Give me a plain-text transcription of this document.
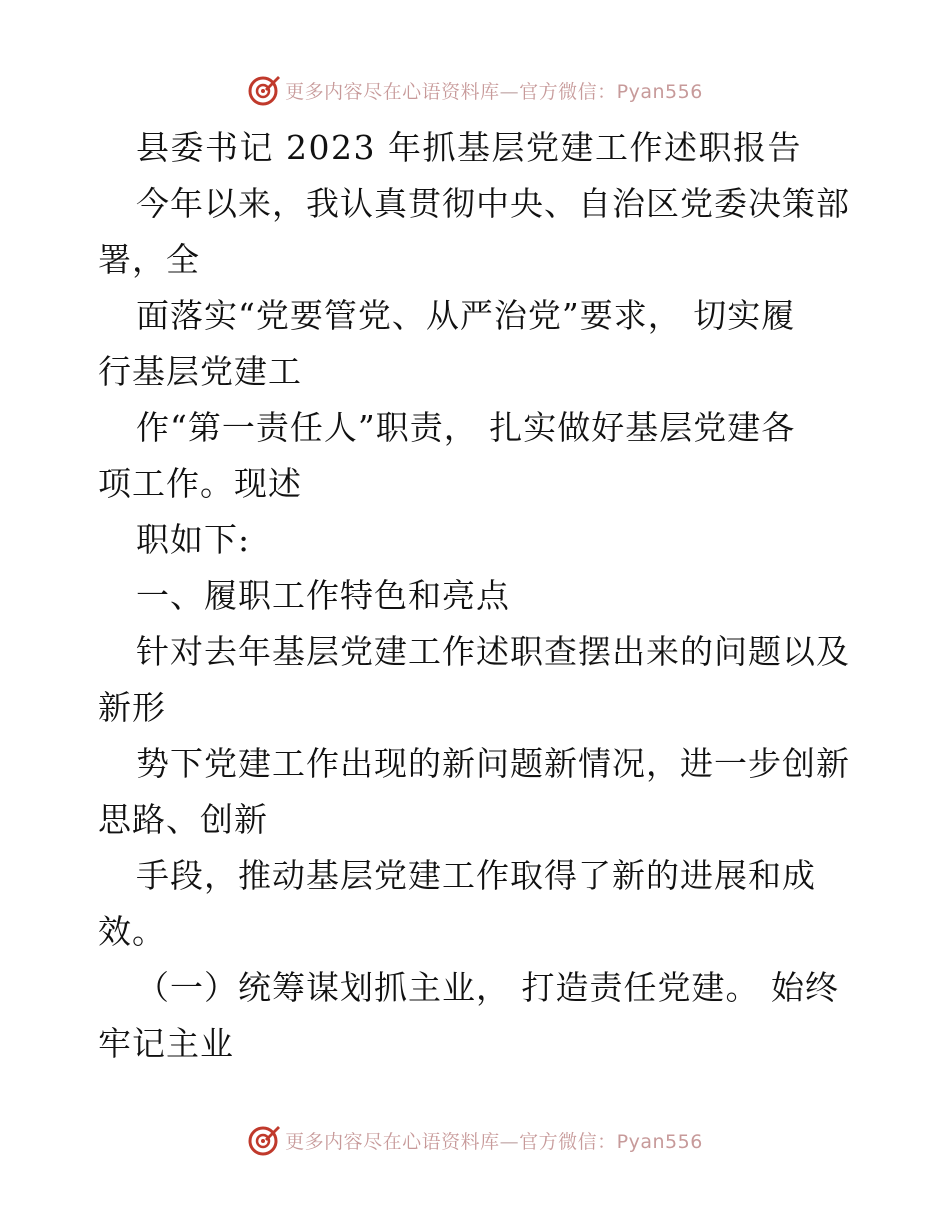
更多内容尽在心语资料库—官方微信：Pyan556
县委书记 2023 年抓基层党建工作述职报告
今年以来，我认真贯彻中央、自治区党委决策部
署，全
面落实“党要管党、从严治党”要求， 切实履
行基层党建工
作“第一责任人”职责， 扎实做好基层党建各
项工作。现述
职如下:
一、履职工作特色和亮点
针对去年基层党建工作述职查摆出来的问题以及
新形
势下党建工作出现的新问题新情况，进一步创新
思路、创新
手段，推动基层党建工作取得了新的进展和成
效。
（一）统筹谋划抓主业， 打造责任党建。 始终
牢记主业
更多内容尽在心语资料库—官方微信：Pyan556
